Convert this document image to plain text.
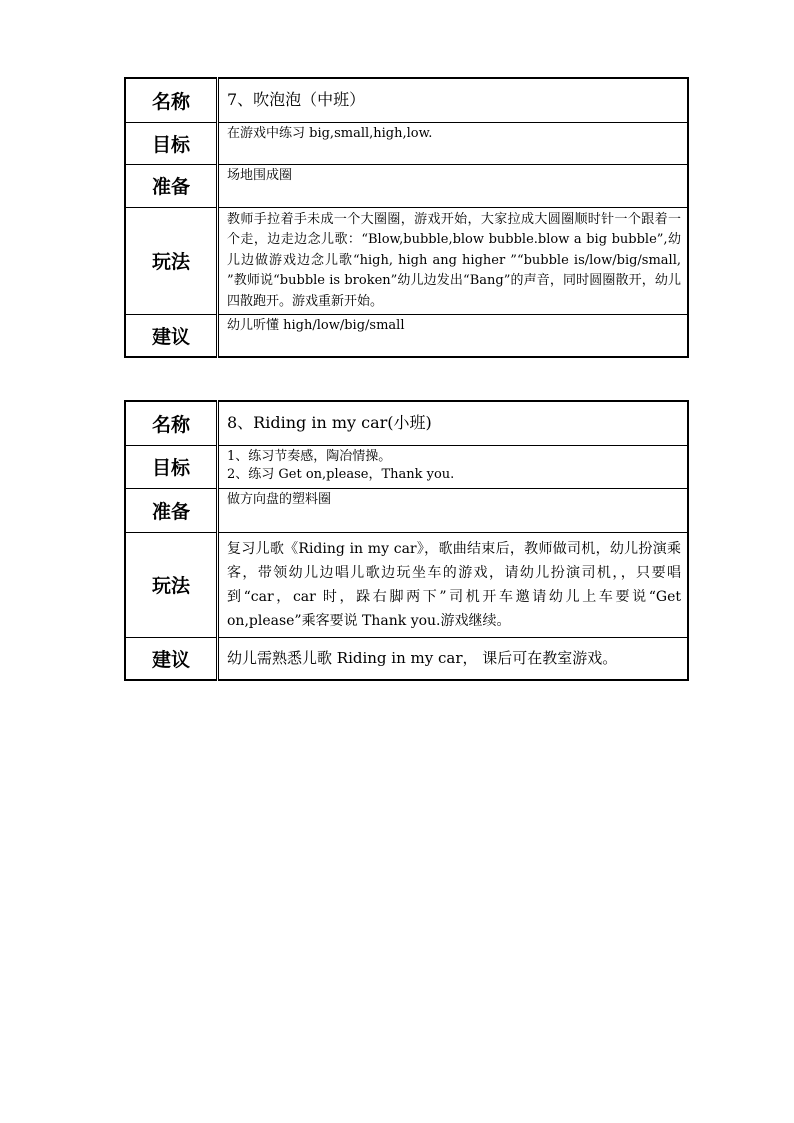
名称	7、吹泡泡（中班）
目标	在游戏中练习 big,small,high,low.
准备	场地围成圈
玩法	教师手拉着手未成一个大圈圈，游戏开始，大家拉成大圆圈顺时针一个跟着一个走，边走边念儿歌：“Blow,bubble,blow bubble.blow a big bubble”,幼儿边做游戏边念儿歌“high, high ang higher ”“bubble is/low/big/small, ”教师说“bubble is broken”幼儿边发出“Bang”的声音，同时圆圈散开，幼儿四散跑开。游戏重新开始。
建议	幼儿听懂 high/low/big/small
名称	8、Riding in my car(小班)
目标	1、练习节奏感，陶冶情操。
2、练习 Get on,please，Thank you.

准备	做方向盘的塑料圈
玩法	复习儿歌《Riding in my car》，歌曲结束后，教师做司机，幼儿扮演乘客，带领幼儿边唱儿歌边玩坐车的游戏，请幼儿扮演司机，，只要唱到“car，car 时，跺右脚两下”司机开车邀请幼儿上车要说“Get on,please”乘客要说 Thank you.游戏继续。
建议	幼儿需熟悉儿歌 Riding in my car， 课后可在教室游戏。
